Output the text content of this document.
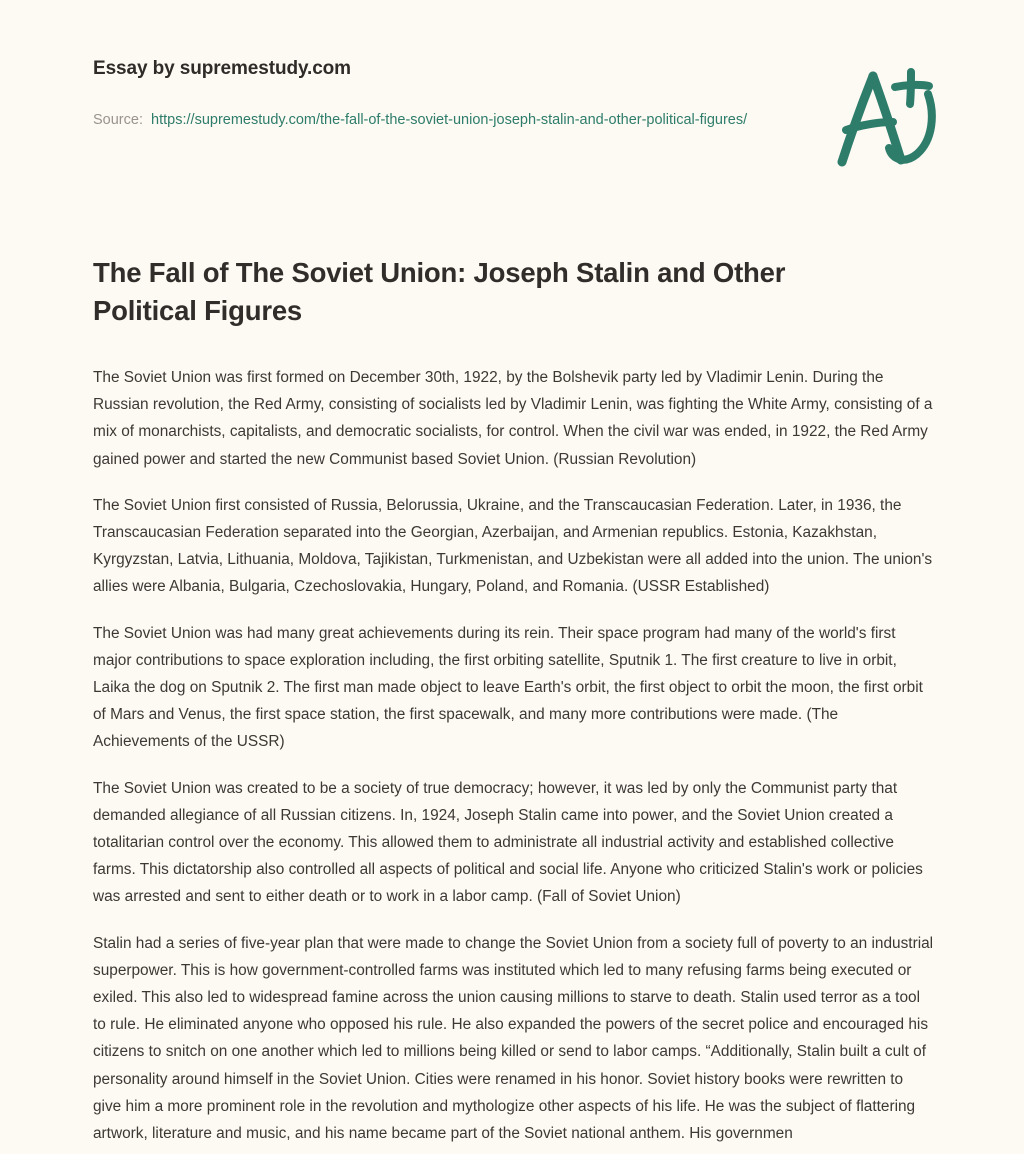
Essay by supremestudy.com
Source: https://supremestudy.com/the-fall-of-the-soviet-union-joseph-stalin-and-other-political-figures/
The Fall of The Soviet Union: Joseph Stalin and Other Political Figures

The Soviet Union was first formed on December 30th, 1922, by the Bolshevik party led by Vladimir Lenin. During the Russian revolution, the Red Army, consisting of socialists led by Vladimir Lenin, was fighting the White Army, consisting of a mix of monarchists, capitalists, and democratic socialists, for control. When the civil war was ended, in 1922, the Red Army gained power and started the new Communist based Soviet Union. (Russian Revolution)

The Soviet Union first consisted of Russia, Belorussia, Ukraine, and the Transcaucasian Federation. Later, in 1936, the Transcaucasian Federation separated into the Georgian, Azerbaijan, and Armenian republics. Estonia, Kazakhstan, Kyrgyzstan, Latvia, Lithuania, Moldova, Tajikistan, Turkmenistan, and Uzbekistan were all added into the union. The union's allies were Albania, Bulgaria, Czechoslovakia, Hungary, Poland, and Romania. (USSR Established)

The Soviet Union was had many great achievements during its rein. Their space program had many of the world's first major contributions to space exploration including, the first orbiting satellite, Sputnik 1. The first creature to live in orbit, Laika the dog on Sputnik 2. The first man made object to leave Earth's orbit, the first object to orbit the moon, the first orbit of Mars and Venus, the first space station, the first spacewalk, and many more contributions were made. (The Achievements of the USSR)

The Soviet Union was created to be a society of true democracy; however, it was led by only the Communist party that demanded allegiance of all Russian citizens. In, 1924, Joseph Stalin came into power, and the Soviet Union created a totalitarian control over the economy. This allowed them to administrate all industrial activity and established collective farms. This dictatorship also controlled all aspects of political and social life. Anyone who criticized Stalin's work or policies was arrested and sent to either death or to work in a labor camp. (Fall of Soviet Union)

Stalin had a series of five-year plan that were made to change the Soviet Union from a society full of poverty to an industrial superpower. This is how government-controlled farms was instituted which led to many refusing farms being executed or exiled. This also led to widespread famine across the union causing millions to starve to death. Stalin used terror as a tool to rule. He eliminated anyone who opposed his rule. He also expanded the powers of the secret police and encouraged his citizens to snitch on one another which led to millions being killed or send to labor camps. “Additionally, Stalin built a cult of personality around himself in the Soviet Union. Cities were renamed in his honor. Soviet history books were rewritten to give him a more prominent role in the revolution and mythologize other aspects of his life. He was the subject of flattering artwork, literature and music, and his name became part of the Soviet national anthem. His governmen
